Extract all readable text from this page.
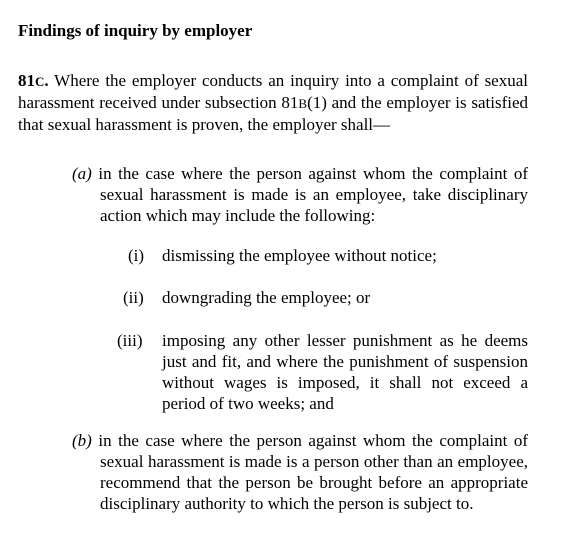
Findings of inquiry by employer
81C. Where the employer conducts an inquiry into a complaint of sexual harassment received under subsection 81B(1) and the employer is satisfied that sexual harassment is proven, the employer shall—
(a) in the case where the person against whom the complaint of sexual harassment is made is an employee, take disciplinary action which may include the following:
(i)	dismissing the employee without notice;
(ii)	downgrading the employee; or
(iii)	imposing any other lesser punishment as he deems just and fit, and where the punishment of suspension without wages is imposed, it shall not exceed a period of two weeks; and
(b) in the case where the person against whom the complaint of sexual harassment is made is a person other than an employee, recommend that the person be brought before an appropriate disciplinary authority to which the person is subject to.
